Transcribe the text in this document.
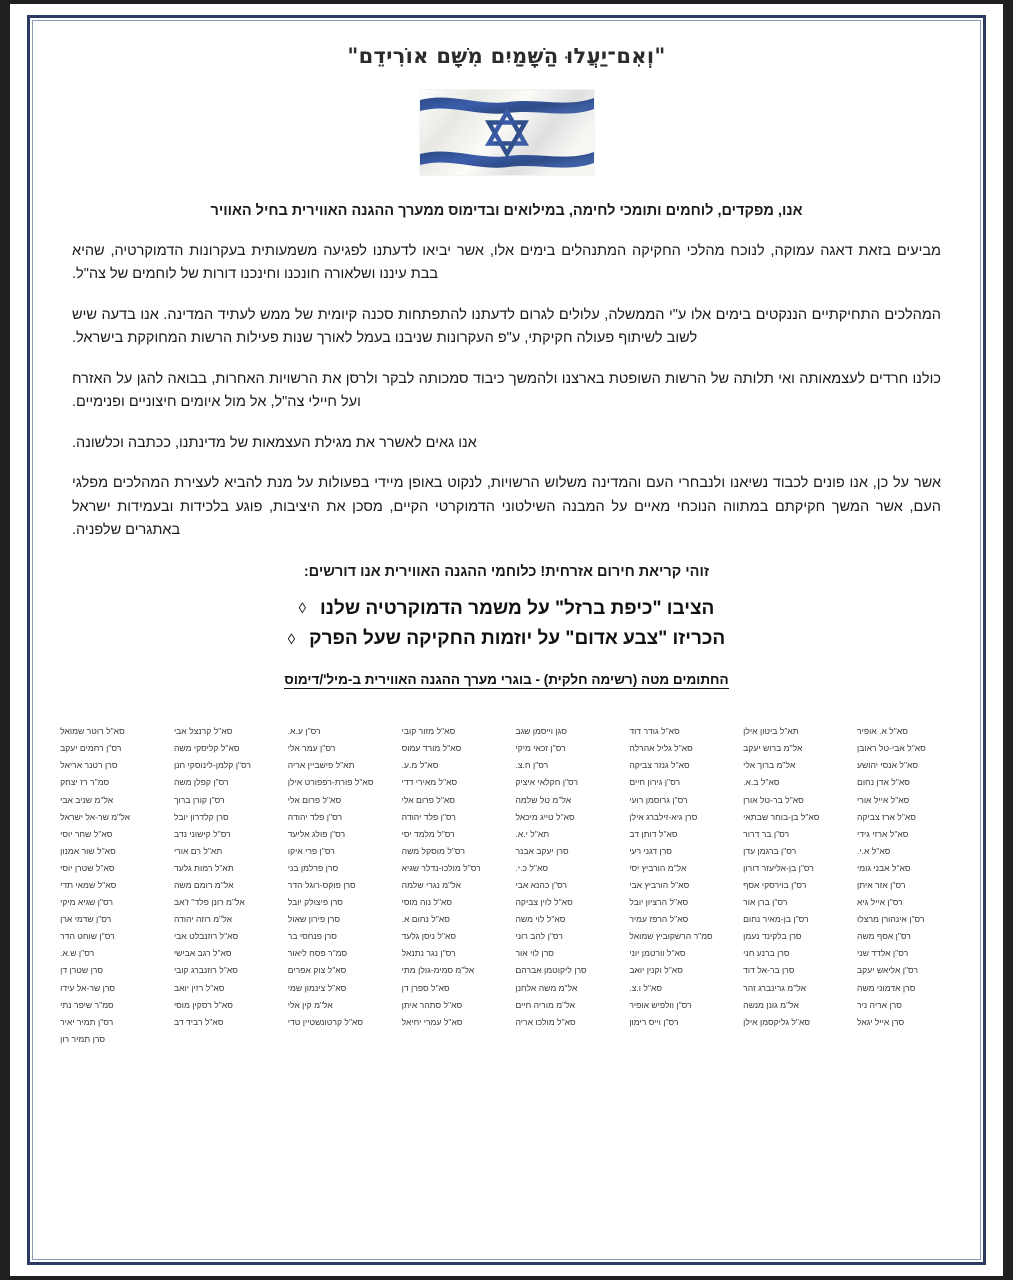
"וְאִם־יַעֲלוּ הַשָּׁמַיִם מִשָּׁם אוֹרִידֵם"
אנו, מפקדים, לוחמים ותומכי לחימה, במילואים ובדימוס ממערך ההגנה האווירית בחיל האוויר

מביעים בזאת דאגה עמוקה, לנוכח מהלכי החקיקה המתנהלים בימים אלו, אשר יביאו לדעתנו לפגיעה משמעותית בעקרונות הדמוקרטיה, שהיא בבת עיננו ושלאורה חונכנו וחינכנו דורות של לוחמים של צה"ל.

המהלכים התחיקתיים הננקטים בימים אלו ע"י הממשלה, עלולים לגרום לדעתנו להתפתחות סכנה קיומית של ממש לעתיד המדינה. אנו בדעה שיש לשוב לשיתוף פעולה חקיקתי, ע"פ העקרונות שניבנו בעמל לאורך שנות פעילות הרשות המחוקקת בישראל.

כולנו חרדים לעצמאותה ואי תלותה של הרשות השופטת בארצנו ולהמשך כיבוד סמכותה לבקר ולרסן את הרשויות האחרות, בבואה להגן על האזרח ועל חיילי צה"ל, אל מול איומים חיצוניים ופנימיים.

אנו גאים לאשרר את מגילת העצמאות של מדינתנו, ככתבה וכלשונה.

אשר על כן, אנו פונים לכבוד נשיאנו ולנבחרי העם והמדינה משלוש הרשויות, לנקוט באופן מיידי בפעולות על מנת להביא לעצירת המהלכים מפלגי העם, אשר המשך חקיקתם במתווה הנוכחי מאיים על המבנה השילטוני הדמוקרטי הקיים, מסכן את היציבות, פוגע בלכידות ובעמידות ישראל באתגרים שלפניה.

זוהי קריאת חירום אזרחית! כלוחמי ההגנה האווירית אנו דורשים:
הציבו "כיפת ברזל" על משמר הדמוקרטיה שלנו
◊
הכריזו "צבע אדום" על יוזמות החקיקה שעל הפרק
◊
החתומים מטה (רשימה חלקית) - בוגרי מערך ההגנה האווירית ב-מיל'/דימוס
סא"ל א. אופיר
סא"ל אבי-טל ראובן
סא"ל אנסי יהושע
סא"ל אדן נחום
סא"ל אייל אורי
סא"ל ארז צביקה
סא"ל ארזי גידי
סא"ל א.י.
סא"ל אבני גומי
רס"ן אזר איתן
רס"ן אייל גיא
רס"ן אינהורן מרצלו
רס"ן אסף משה
רס"ן אלדד שני
רס"ן אליאש יעקב
סרן אדמוני משה
סרן אריה ניר
סרן אייל יגאל
תא"ל ביטון אילן
אל"מ ברוש יעקב
אל"מ ברוך אלי
סא"ל ב.א.
סא"ל בר-טל אורן
סא"ל בן-בוחר שבתאי
רס"ן בר דרור
רס"ן ברגמן עדן
רס"ן בן-אליעזר דורון
רס"ן בוירסקי אסף
רס"ן ברן אור
רס"ן בן-מאיר נחום
סרן בלקינד נעמן
סרן ברנע חני
סרן בר-אל דוד
אל"מ גרינברג זהר
אל"מ גונן מנשה
סא"ל גליקסמן אילן
סא"ל גודר דוד
סא"ל גליל אהרלה
סא"ל גנזר צביקה
רס"ן גירון חיים
רס"ן גרוסמן רועי
סרן גיא-זילברג אילן
סא"ל דותן דב
סרן דגני רעי
אל"מ הורביץ יסי
סא"ל הורביץ אבי
סא"ל הרציון יובל
סא"ל הרפז עמיר
סמ"ר הרשקוביץ שמואל
סא"ל וורטמן יוני
סא"ל וקנין יואב
סא"ל ו.צ.
רס"ן וולפיש אופיר
רס"ן וייס רימון
סגן וייסמן שגב
רס"ן זכאי מיקי
רס"ן ח.צ.
רס"ן חקלאי איציק
אל"מ טל שלמה
סא"ל טייג מיכאל
תא"ל י.א.
סרן יעקב אבנר
סא"ל כ.י.
רס"ן כהנא אבי
סא"ל לוין צביקה
סא"ל לוי משה
רס"ן להב רוני
סרן לוי אור
סרן ליקוטמן אברהם
אל"מ משה אלחנן
אל"מ מוריה חיים
סא"ל מולכו אריה
סא"ל מזור קובי
סא"ל מורד עמוס
סא"ל מ.ע.
סא"ל מאירי דדי
סא"ל פרום אלי
רס"ן פלד יהודה
רס"ל מלמד יסי
רס"ל מוסקל משה
רס"ל מולכו-נדלר שגיא
אל"מ נגרי שלמה
סא"ל נוה מוסי
סא"ל נחום א.
סא"ל ניסן גלעד
רס"ן נגר נתנאל
אל"מ סמימ-גולן מתי
סא"ל ספרן דן
סא"ל סתהר איתן
סא"ל עמרי יחיאל
רס"ן ע.א.
רס"ן עמר אלי
תא"ל פישביין אריה
סא"ל פורת-רפפורט אילן
סא"ל פרום אלי
רס"ן פלד יהודה
רס"ן פולג אליעד
רס"ן פרי איקו
סרן פרלמן בני
סרן פוקס-רוגל הדר
סרן פיצולק יובל
סרן פירון שאול
סרן פנחסי בר
סמ"ר פסח ליאור
סא"ל צוק אפרים
סא"ל צינמון שמי
אל"מ קין אלי
סא"ל קרטונשטיין טדי
סא"ל קרנצל אבי
סא"ל קליסקי משה
רס"ן קלמן-לינוסקי חנן
רס"ן קפלן משה
רס"ן קורן ברוך
סרן קלדרון יובל
רס"ל קישוני נדב
תא"ל רם אורי
תא"ל רמות גלעד
אל"מ רומם משה
אל"מ רונן פלד" ז'אב
אל"מ רוזה יהודה
סא"ל רוזנבלט אבי
סא"ל רגב אבישי
סא"ל רוזנברג קובי
סא"ל רזין יואב
סא"ל רסקין מוסי
סא"ל רביד דב
סא"ל רוטר שמואל
רס"ן רחמים יעקב
סרן רטנר אריאל
סמ"ר רז יצחק
אל"מ שניב אבי
אל"מ שר-אל ישראל
סא"ל שחר יוסי
סא"ל שור אמנון
סא"ל שטרן יוסי
סא"ל שמאי תדי
רס"ן שגיא מיקי
רס"ן שדמי ארן
רס"ן שוחט הדר
רס"ן ש.א.
סרן שטרן דן
סרן שר-אל עידו
סמ"ר שיפר נתי
רס"ן תמיר יאיר
סרן תמיר רון
